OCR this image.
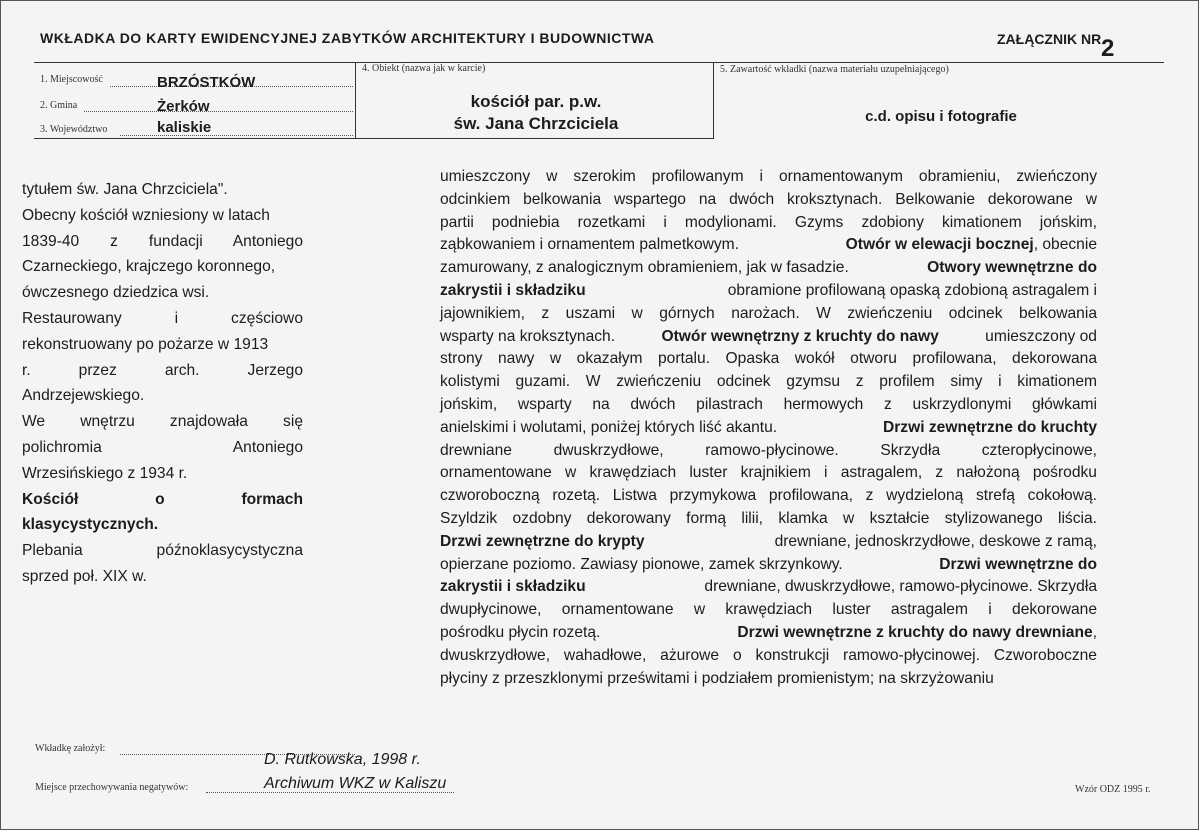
WKŁADKA DO KARTY EWIDENCYJNEJ ZABYTKÓW ARCHITEKTURY I BUDOWNICTWA	ZAŁĄCZNIK NR 2
1. Miejscowość	BRZÓSTKÓW
2. Gmina	Żerków
3. Województwo	kaliskie
4. Obiekt (nazwa jak w karcie)
kościół par. p.w.
św. Jana Chrzciciela
5. Zawartość wkładki (nazwa materiału uzupełniającego)
c.d. opisu i fotografie
tytułem św. Jana Chrzciciela".
Obecny kościół wzniesiony w latach
1839-40 z fundacji Antoniego
Czarneckiego, krajczego koronnego,
ówczesnego dziedzica wsi.
Restaurowany i częściowo
rekonstruowany po pożarze w 1913
r. przez arch. Jerzego
Andrzejewskiego.
We wnętrzu znajdowała się
polichromia Antoniego
Wrzesińskiego z 1934 r.
Kościół o formach
klasycystycznych.
Plebania późnoklasycystyczna
sprzed poł. XIX w.
umieszczony w szerokim profilowanym i ornamentowanym obramieniu, zwieńczony
odcinkiem belkowania wspartego na dwóch kroksztynach. Belkowanie dekorowane w
partii podniebia rozetkami i modylionami. Gzyms zdobiony kimationem jońskim,
ząbkowaniem i ornamentem palmetkowym.	Otwór w elewacji bocznej, obecnie
zamurowany, z analogicznym obramieniem, jak w fasadzie.	Otwory wewnętrzne do
zakrystii i składziku	obramione profilowaną opaską zdobioną astragalem i
jajownikiem, z uszami w górnych narożach. W zwieńczeniu odcinek belkowania
wsparty na kroksztynach.	Otwór wewnętrzny z kruchty do nawy	umieszczony od
strony nawy w okazałym portalu. Opaska wokół otworu profilowana, dekorowana
kolistymi guzami. W zwieńczeniu odcinek gzymsu z profilem simy i kimationem
jońskim, wsparty na dwóch pilastrach hermowych z uskrzydlonymi główkami
anielskimi i wolutami, poniżej których liść akantu.	Drzwi zewnętrzne do kruchty
drewniane dwuskrzydłowe, ramowo-płycinowe. Skrzydła czteropłycinowe,
ornamentowane w krawędziach luster krajnikiem i astragalem, z nałożoną pośrodku
czworoboczną rozetą. Listwa przymykowa profilowana, z wydzieloną strefą cokołową.
Szyldzik ozdobny dekorowany formą lilii, klamka w kształcie stylizowanego liścia.
Drzwi zewnętrzne do krypty	drewniane, jednoskrzydłowe, deskowe z ramą,
opierzane poziomo. Zawiasy pionowe, zamek skrzynkowy.	Drzwi wewnętrzne do
zakrystii i składziku	drewniane, dwuskrzydłowe, ramowo-płycinowe. Skrzydła
dwupłycinowe, ornamentowane w krawędziach luster astragalem i dekorowane
pośrodku płycin rozetą.	Drzwi wewnętrzne z kruchty do nawy drewniane,
dwuskrzydłowe, wahadłowe, ażurowe o konstrukcji ramowo-płycinowej. Czworoboczne
płyciny z przeszklonymi prześwitami i podziałem promienistym; na skrzyżowaniu
Wkładkę założył:
D. Rutkowska, 1998 r.
Miejsce przechowywania negatywów:	Archiwum WKZ w Kaliszu	Wzór ODZ 1995 r.
